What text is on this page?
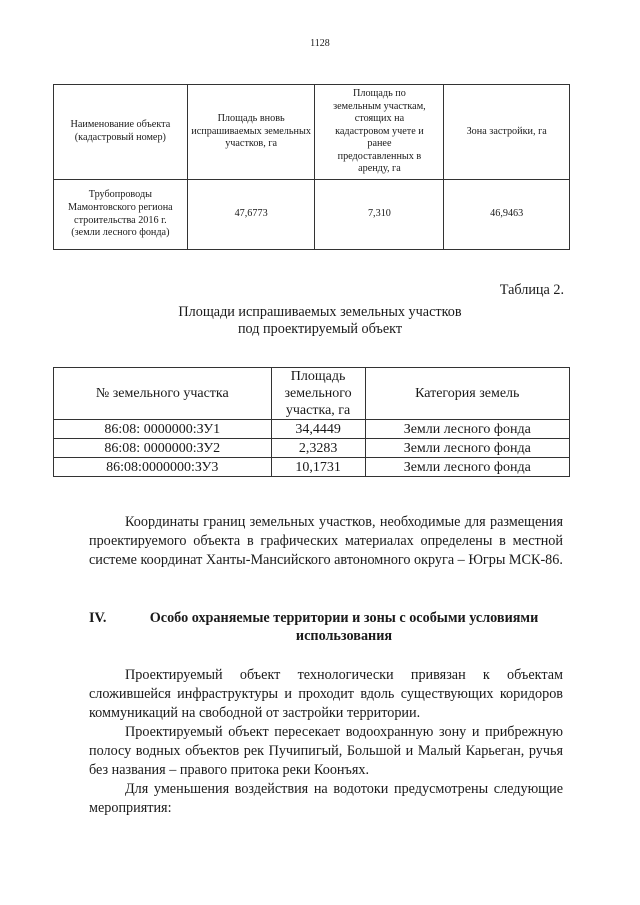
1128
Наименование объекта (кадастровый номер)	Площадь вновь испрашиваемых земельных участков, га	Площадь по земельным участкам, стоящих на кадастровом учете и ранее предоставленных в аренду, га	Зона застройки, га
Трубопроводы Мамонтовского региона строительства 2016 г. (земли лесного фонда)	47,6773	7,310	46,9463
Таблица 2.
Площади испрашиваемых земельных участков
под проектируемый объект
№ земельного участка	Площадь земельного участка, га	Категория земель
86:08: 0000000:ЗУ1	34,4449	Земли лесного фонда
86:08: 0000000:ЗУ2	2,3283	Земли лесного фонда
86:08:0000000:ЗУ3	10,1731	Земли лесного фонда
Координаты границ земельных участков, необходимые для размещения проектируемого объекта в графических материалах определены в местной системе координат Ханты-Мансийского автономного округа – Югры МСК-86.
IV.	Особо охраняемые территории и зоны с особыми условиями использования
Проектируемый объект технологически привязан к объектам сложившейся инфраструктуры и проходит вдоль существующих коридоров коммуникаций на свободной от застройки территории.
Проектируемый объект пересекает водоохранную зону и прибрежную полосу водных объектов рек Пучипигый, Большой и Малый Карьеган, ручья без названия – правого притока реки Коонъях.
Для уменьшения воздействия на водотоки предусмотрены следующие мероприятия:
